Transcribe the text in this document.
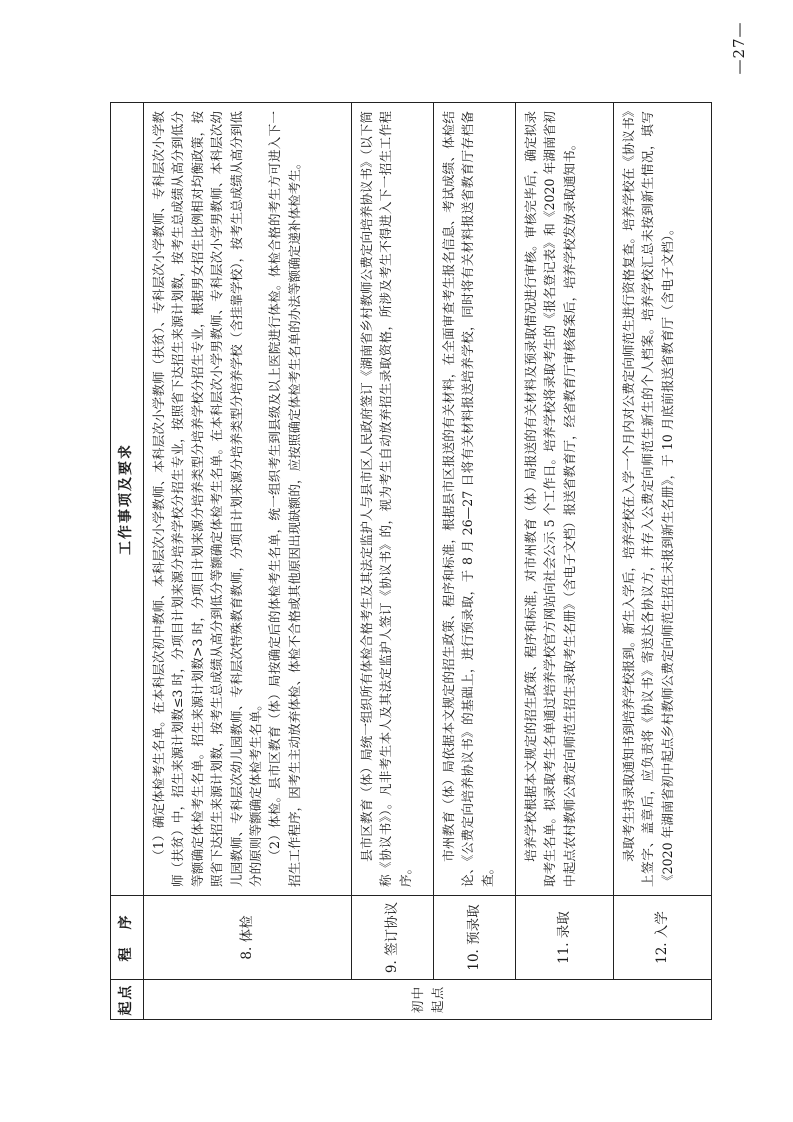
起点	程　序	工作事项及要求
初中起点	8. 体检	（1）确定体检考生名单。在本科层次初中教师、本科层次小学教师、本科层次小学教师（扶贫）、专科层次小学教师、专科层次小学教师（扶贫）中，招生来源计划数≤3 时，分项目计划来源分培养学校分招生专业，按照省下达招生来源计划数，按考生总成绩从高分到低分等额确定体检考生名单。招生来源计划数>3 时，分项目计划来源分培养类型分培养学校分招生专业，根据男女招生比例相对均衡政策，按照省下达招生来源计划数，按考生总成绩从高分到低分等额确定体检考生名单。在本科层次小学男教师、专科层次小学男教师、本科层次幼儿园教师、专科层次幼儿园教师、专科层次特殊教育教师，分项目计划来源分培养类型分培养学校（含挂靠学校），按考生总成绩从高分到低分的原则等额确定体检考生名单。 （2）体检。县市区教育（体）局按确定后的体检考生名单，统一组织考生到县级及以上医院进行体检。体检合格的考生方可进入下一招生工作程序，因考生主动放弃体检、体检不合格或其他原因出现缺额的，应按照确定体检考生名单的办法等额确定递补体检考生。

	9. 签订协议	县市区教育（体）局统一组织所有体检合格考生及其法定监护人与县市区人民政府签订《湖南省乡村教师公费定向培养协议书》（以下简称《协议书》）。凡非考生本人及其法定监护人签订《协议书》的，视为考生自动放弃招生录取资格，所涉及考生不得进入下一招生工作程序。

	10. 预录取	市州教育（体）局依据本文规定的招生政策、程序和标准，根据县市区报送的有关材料，在全面审查考生报名信息、考试成绩、体检结论、《公费定向培养协议书》的基础上，进行预录取，于 8 月 26—27 日将有关材料报送培养学校，同时将有关材料报送省教育厅存档备查。

	11. 录取	培养学校根据本文规定的招生政策、程序和标准，对市州教育（体）局报送的有关材料及预录取情况进行审核。审核完毕后，确定拟录取考生名单。拟录取考生名单通过培养学校官方网站向社会公示 5 个工作日。培养学校将录取考生的《报名登记表》和《2020 年湖南省初中起点农村教师公费定向师范生招生录取考生名册》（含电子文档）报送省教育厅，经省教育厅审核备案后，培养学校发放录取通知书。

	12. 入学	录取考生持录取通知书到培养学校报到。新生入学后，培养学校在入学一个月内对公费定向师范生进行资格复查。培养学校在《协议书》上签字、盖章后，应负责将《协议书》寄送达各协议方，并存入公费定向师范生新生的个人档案。培养学校汇总未按到新生情况，填写《2020 年湖南省初中起点乡村教师公费定向师范生招生未报到新生名册》，于 10 月底前报送省教育厅（含电子文档）。

—27—
